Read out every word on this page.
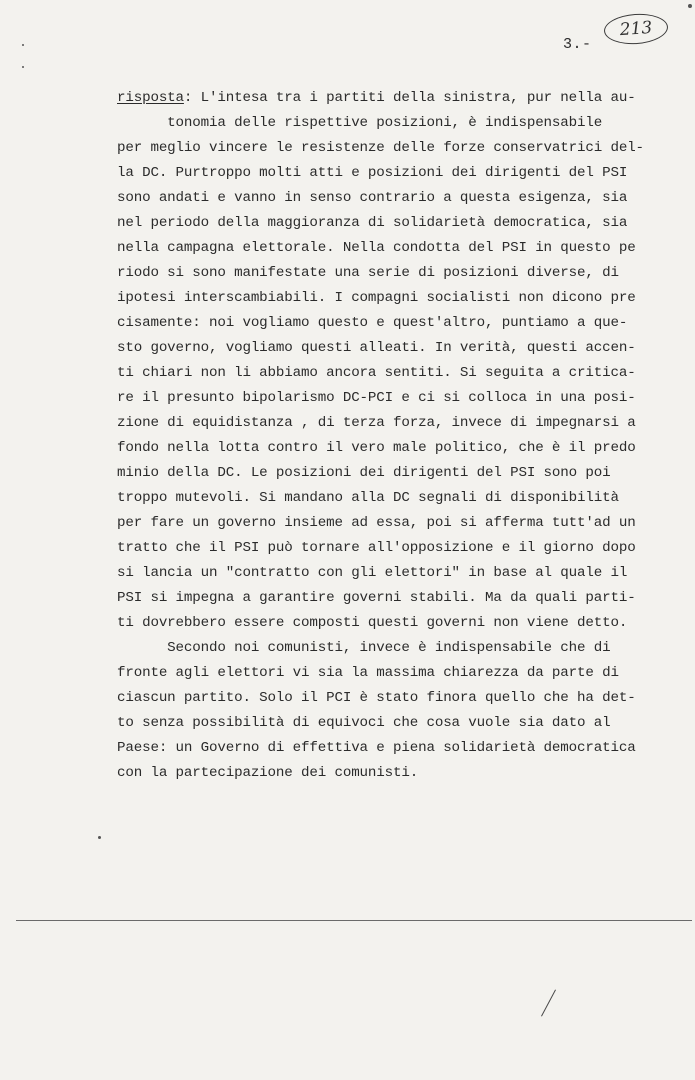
213
3.-
risposta: L'intesa tra i partiti della sinistra, pur nella au-
tonomia delle rispettive posizioni, è indispensabile
per meglio vincere le resistenze delle forze conservatrici del-
la DC. Purtroppo molti atti e posizioni dei dirigenti del PSI
sono andati e vanno in senso contrario a questa esigenza, sia
nel periodo della maggioranza di solidarietà democratica, sia
nella campagna elettorale. Nella condotta del PSI in questo pe
riodo si sono manifestate una serie di posizioni diverse, di
ipotesi interscambiabili. I compagni socialisti non dicono pre
cisamente: noi vogliamo questo e quest'altro, puntiamo a que-
sto governo, vogliamo questi alleati. In verità, questi accen-
ti chiari non li abbiamo ancora sentiti. Si seguita a critica-
re il presunto bipolarismo DC-PCI e ci si colloca in una posi-
zione di equidistanza , di terza forza, invece di impegnarsi a
fondo nella lotta contro il vero male politico, che è il predo
minio della DC. Le posizioni dei dirigenti del PSI sono poi
troppo mutevoli. Si mandano alla DC segnali di disponibilità
per fare un governo insieme ad essa, poi si afferma tutt'ad un
tratto che il PSI può tornare all'opposizione e il giorno dopo
si lancia un "contratto con gli elettori" in base al quale il
PSI si impegna a garantire governi stabili. Ma da quali parti-
ti dovrebbero essere composti questi governi non viene detto.
Secondo noi comunisti, invece è indispensabile che di
fronte agli elettori vi sia la massima chiarezza da parte di
ciascun partito. Solo il PCI è stato finora quello che ha det-
to senza possibilità di equivoci che cosa vuole sia dato al
Paese: un Governo di effettiva e piena solidarietà democratica
con la partecipazione dei comunisti.
